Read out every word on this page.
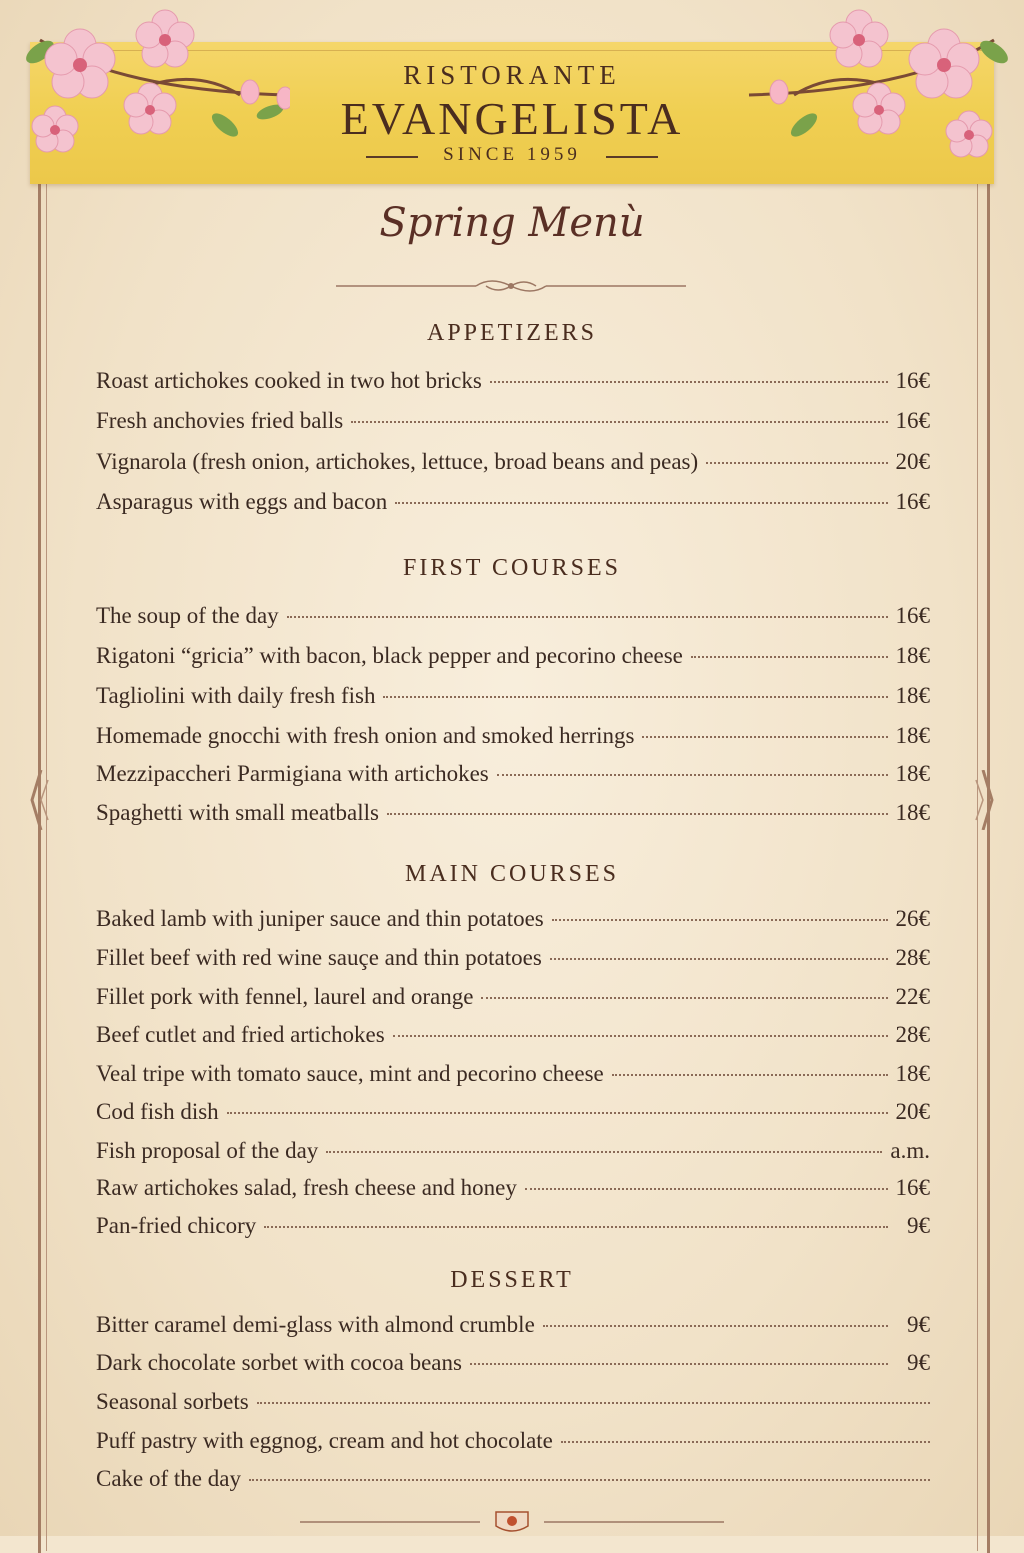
RISTORANTE
EVANGELISTA
SINCE 1959
Spring Menù
APPETIZERS
Roast artichokes cooked in two hot bricks	16€
Fresh anchovies fried balls	16€
Vignarola (fresh onion, artichokes, lettuce, broad beans and peas)	20€
Asparagus with eggs and bacon	16€
FIRST COURSES
The soup of the day	16€
Rigatoni “gricia” with bacon, black pepper and pecorino cheese	18€
Tagliolini with daily fresh fish	18€
Homemade gnocchi with fresh onion and smoked herrings	18€
Mezzipaccheri Parmigiana with artichokes	18€
Spaghetti with small meatballs	18€
MAIN COURSES
Baked lamb with juniper sauce and thin potatoes	26€
Fillet beef with red wine sauçe and thin potatoes	28€
Fillet pork with fennel, laurel and orange	22€
Beef cutlet and fried artichokes	28€
Veal tripe with tomato sauce, mint and pecorino cheese	18€
Cod fish dish	20€
Fish proposal of the day	a.m.
Raw artichokes salad, fresh cheese and honey	16€
Pan-fried chicory	9€
DESSERT
Bitter caramel demi-glass with almond crumble	9€
Dark chocolate sorbet with cocoa beans	9€
Seasonal sorbets
Puff pastry with eggnog, cream and hot chocolate
Cake of the day
